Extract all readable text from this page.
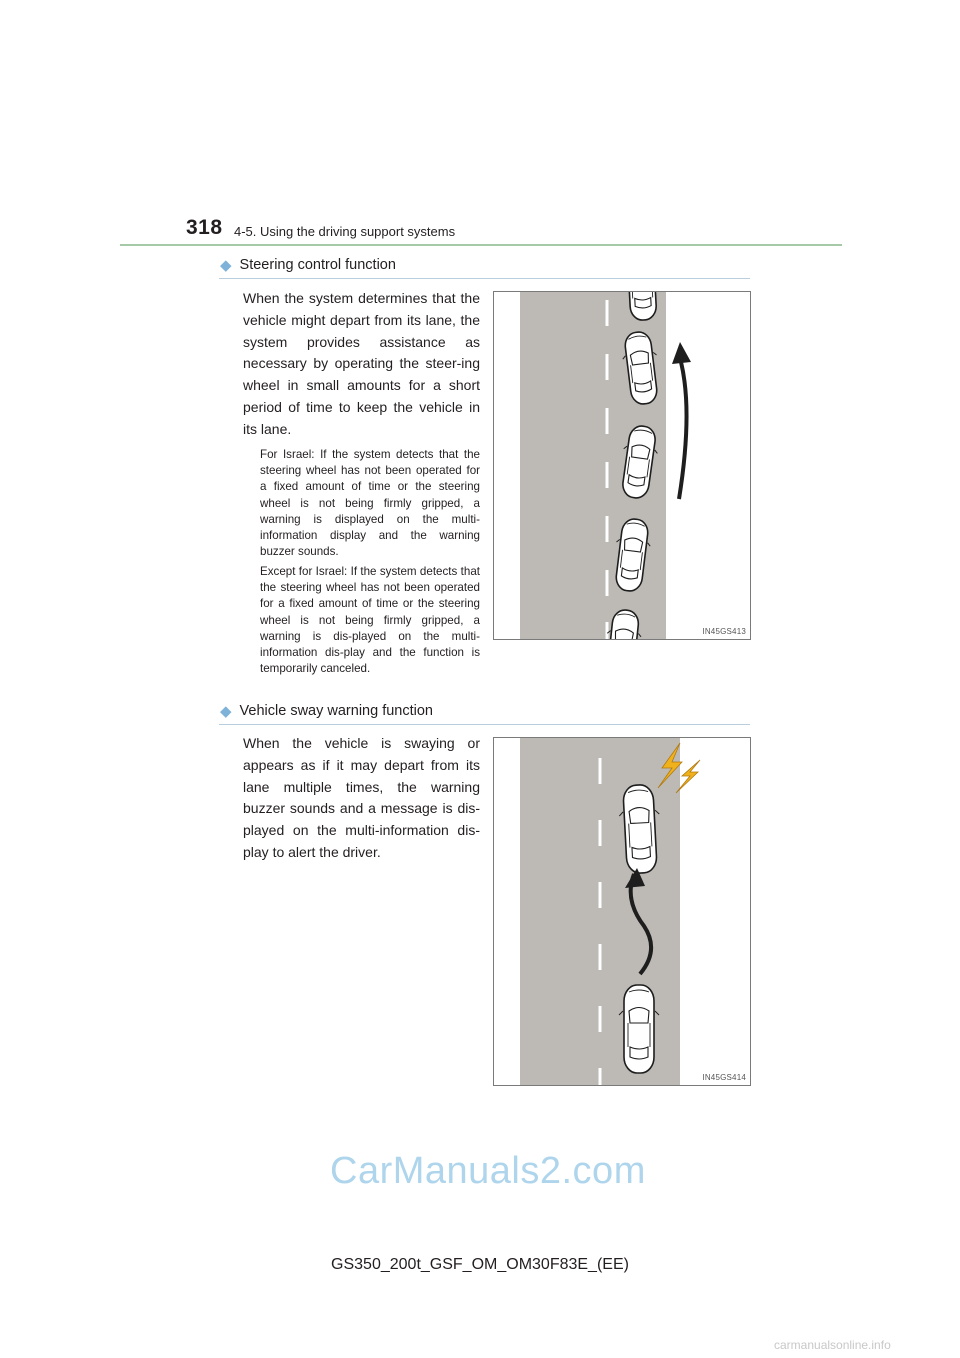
318 4-5. Using the driving support systems
◆ Steering control function
When the system determines that the vehicle might depart from its lane, the system provides assistance as necessary by operating the steer-ing wheel in small amounts for a short period of time to keep the vehicle in its lane.
For Israel: If the system detects that the steering wheel has not been operated for a fixed amount of time or the steering wheel is not being firmly gripped, a warning is displayed on the multi-information display and the warning buzzer sounds.
Except for Israel: If the system detects that the steering wheel has not been operated for a fixed amount of time or the steering wheel is not being firmly gripped, a warning is dis-played on the multi-information dis-play and the function is temporarily canceled.
IN45GS413
◆ Vehicle sway warning function
When the vehicle is swaying or appears as if it may depart from its lane multiple times, the warning buzzer sounds and a message is dis-played on the multi-information dis-play to alert the driver.
IN45GS414
CarManuals2.com
GS350_200t_GSF_OM_OM30F83E_(EE)
carmanualsonline.info
